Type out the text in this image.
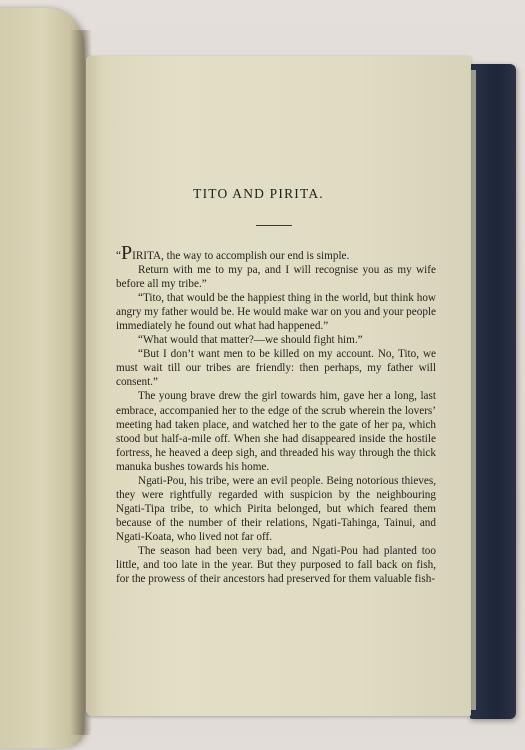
TITO AND PIRITA.

“PIRITA, the way to accomplish our end is simple.

Return with me to my pa, and I will recognise you as my wife before all my tribe.”

“Tito, that would be the happiest thing in the world, but think how angry my father would be. He would make war on you and your people immediately he found out what had happened.”

“What would that matter?—we should fight him.”

“But I don’t want men to be killed on my account. No, Tito, we must wait till our tribes are friendly: then perhaps, my father will consent.”

The young brave drew the girl towards him, gave her a long, last embrace, accompanied her to the edge of the scrub wherein the lovers’ meeting had taken place, and watched her to the gate of her pa, which stood but half-a-mile off. When she had disappeared inside the hostile fortress, he heaved a deep sigh, and threaded his way through the thick manuka bushes towards his home.

Ngati-Pou, his tribe, were an evil people. Being notorious thieves, they were rightfully regarded with suspicion by the neighbouring Ngati-Tipa tribe, to which Pirita belonged, but which feared them because of the number of their relations, Ngati-Tahinga, Tainui, and Ngati-Koata, who lived not far off.

The season had been very bad, and Ngati-Pou had planted too little, and too late in the year. But they purposed to fall back on fish, for the prowess of their ancestors had preserved for them valuable fish-
